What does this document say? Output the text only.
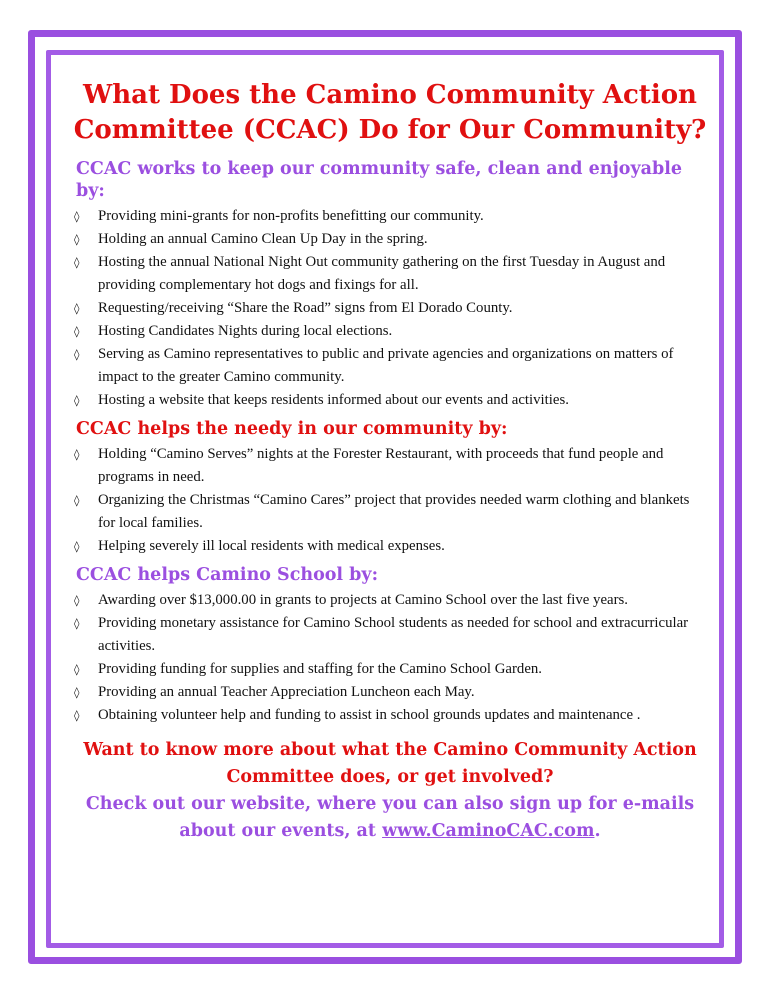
What Does the Camino Community Action Committee (CCAC) Do for Our Community?
CCAC works to keep our community safe, clean and enjoyable by:
◊ Providing mini-grants for non-profits benefitting our community.
◊ Holding an annual Camino Clean Up Day in the spring.
◊ Hosting the annual National Night Out community gathering on the first Tuesday in August and providing complementary hot dogs and fixings for all.
◊ Requesting/receiving “Share the Road” signs from El Dorado County.
◊ Hosting Candidates Nights during local elections.
◊ Serving as Camino representatives to public and private agencies and organizations on matters of impact to the greater Camino community.
◊ Hosting a website that keeps residents informed about our events and activities.
CCAC helps the needy in our community by:
◊ Holding “Camino Serves” nights at the Forester Restaurant, with proceeds that fund people and programs in need.
◊ Organizing the Christmas “Camino Cares” project that provides needed warm clothing and blankets for local families.
◊ Helping severely ill local residents with medical expenses.
CCAC helps Camino School by:
◊ Awarding over $13,000.00 in grants to projects at Camino School over the last five years.
◊ Providing monetary assistance for Camino School students as needed for school and extracurricular activities.
◊ Providing funding for supplies and staffing for the Camino School Garden.
◊ Providing an annual Teacher Appreciation Luncheon each May.
◊ Obtaining volunteer help and funding to assist in school grounds updates and maintenance .
Want to know more about what the Camino Community Action Committee does, or get involved?
Check out our website, where you can also sign up for e-mails about our events, at www.CaminoCAC.com.
